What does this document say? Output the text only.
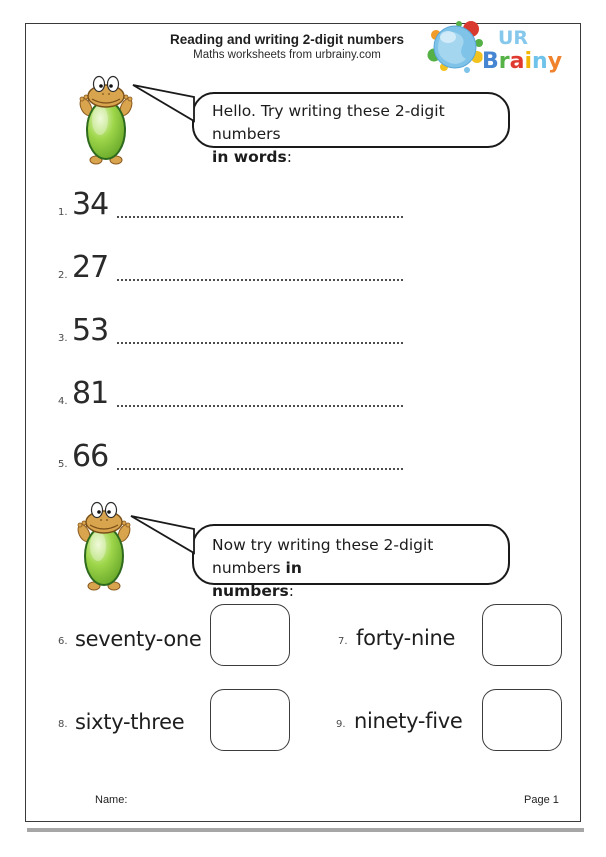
Reading and writing 2-digit numbers
Maths worksheets from urbrainy.com
UR
Brainy
Hello. Try writing these 2-digit numbers
in words:
1. 34
2. 27
3. 53
4. 81
5. 66
Now try writing these 2-digit numbers in
numbers:
6. seventy-one	7. forty-nine
8. sixty-three	9. ninety-five
Name:	Page 1
